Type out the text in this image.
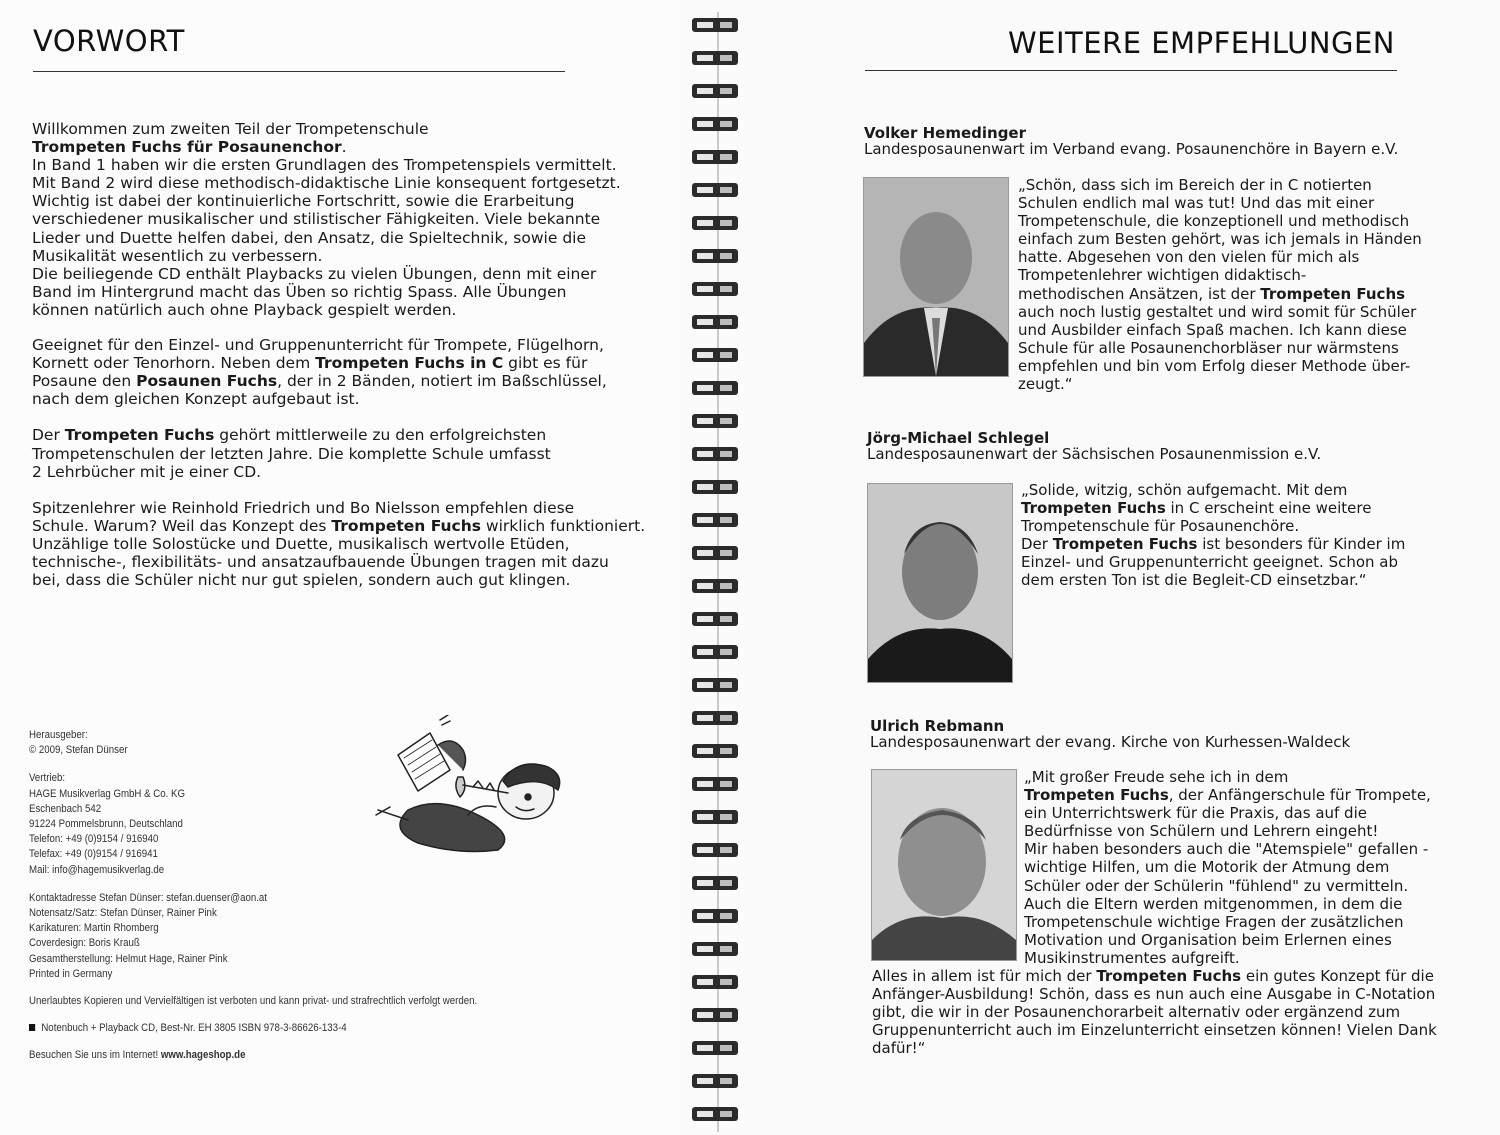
VORWORT

Willkommen zum zweiten Teil der Trompetenschule
Trompeten Fuchs für Posaunenchor.
In Band 1 haben wir die ersten Grundlagen des Trompetenspiels vermittelt.
Mit Band 2 wird diese methodisch-didaktische Linie konsequent fortgesetzt.
Wichtig ist dabei der kontinuierliche Fortschritt, sowie die Erarbeitung
verschiedener musikalischer und stilistischer Fähigkeiten. Viele bekannte
Lieder und Duette helfen dabei, den Ansatz, die Spieltechnik, sowie die
Musikalität wesentlich zu verbessern.
Die beiliegende CD enthält Playbacks zu vielen Übungen, denn mit einer
Band im Hintergrund macht das Üben so richtig Spass. Alle Übungen
können natürlich auch ohne Playback gespielt werden.

Geeignet für den Einzel- und Gruppenunterricht für Trompete, Flügelhorn,
Kornett oder Tenorhorn. Neben dem Trompeten Fuchs in C gibt es für
Posaune den Posaunen Fuchs, der in 2 Bänden, notiert im Baßschlüssel,
nach dem gleichen Konzept aufgebaut ist.

Der Trompeten Fuchs gehört mittlerweile zu den erfolgreichsten
Trompetenschulen der letzten Jahre. Die komplette Schule umfasst
2 Lehrbücher mit je einer CD.

Spitzenlehrer wie Reinhold Friedrich und Bo Nielsson empfehlen diese
Schule. Warum? Weil das Konzept des Trompeten Fuchs wirklich funktioniert.
Unzählige tolle Solostücke und Duette, musikalisch wertvolle Etüden,
technische-, flexibilitäts- und ansatzaufbauende Übungen tragen mit dazu
bei, dass die Schüler nicht nur gut spielen, sondern auch gut klingen.

Herausgeber:
© 2009, Stefan Dünser
Vertrieb:
HAGE Musikverlag GmbH & Co. KG
Eschenbach 542
91224 Pommelsbrunn, Deutschland
Telefon: +49 (0)9154 / 916940
Telefax: +49 (0)9154 / 916941
Mail: info@hagemusikverlag.de
Kontaktadresse Stefan Dünser: stefan.duenser@aon.at
Notensatz/Satz: Stefan Dünser, Rainer Pink
Karikaturen: Martin Rhomberg
Coverdesign: Boris Krauß
Gesamtherstellung: Helmut Hage, Rainer Pink
Printed in Germany
Unerlaubtes Kopieren und Vervielfältigen ist verboten und kann privat- und strafrechtlich verfolgt werden.
Notenbuch + Playback CD, Best-Nr. EH 3805 ISBN 978-3-86626-133-4
Besuchen Sie uns im Internet! www.hageshop.de
WEITERE EMPFEHLUNGEN
Volker Hemedinger
Landesposaunenwart im Verband evang. Posaunenchöre in Bayern e.V.
„Schön, dass sich im Bereich der in C notierten
Schulen endlich mal was tut! Und das mit einer
Trompetenschule, die konzeptionell und methodisch
einfach zum Besten gehört, was ich jemals in Händen
hatte. Abgesehen von den vielen für mich als
Trompetenlehrer wichtigen didaktisch-
methodischen Ansätzen, ist der Trompeten Fuchs
auch noch lustig gestaltet und wird somit für Schüler
und Ausbilder einfach Spaß machen. Ich kann diese
Schule für alle Posaunenchorbläser nur wärmstens
empfehlen und bin vom Erfolg dieser Methode über-
zeugt.“
Jörg-Michael Schlegel
Landesposaunenwart der Sächsischen Posaunenmission e.V.
„Solide, witzig, schön aufgemacht. Mit dem
Trompeten Fuchs in C erscheint eine weitere
Trompetenschule für Posaunenchöre.
Der Trompeten Fuchs ist besonders für Kinder im
Einzel- und Gruppenunterricht geeignet. Schon ab
dem ersten Ton ist die Begleit-CD einsetzbar.“
Ulrich Rebmann
Landesposaunenwart der evang. Kirche von Kurhessen-Waldeck
„Mit großer Freude sehe ich in dem
Trompeten Fuchs, der Anfängerschule für Trompete,
ein Unterrichtswerk für die Praxis, das auf die
Bedürfnisse von Schülern und Lehrern eingeht!
Mir haben besonders auch die "Atemspiele" gefallen -
wichtige Hilfen, um die Motorik der Atmung dem
Schüler oder der Schülerin "fühlend" zu vermitteln.
Auch die Eltern werden mitgenommen, in dem die
Trompetenschule wichtige Fragen der zusätzlichen
Motivation und Organisation beim Erlernen eines
Musikinstrumentes aufgreift.
Alles in allem ist für mich der Trompeten Fuchs ein gutes Konzept für die
Anfänger-Ausbildung! Schön, dass es nun auch eine Ausgabe in C-Notation
gibt, die wir in der Posaunenchorarbeit alternativ oder ergänzend zum
Gruppenunterricht auch im Einzelunterricht einsetzen können! Vielen Dank
dafür!“
